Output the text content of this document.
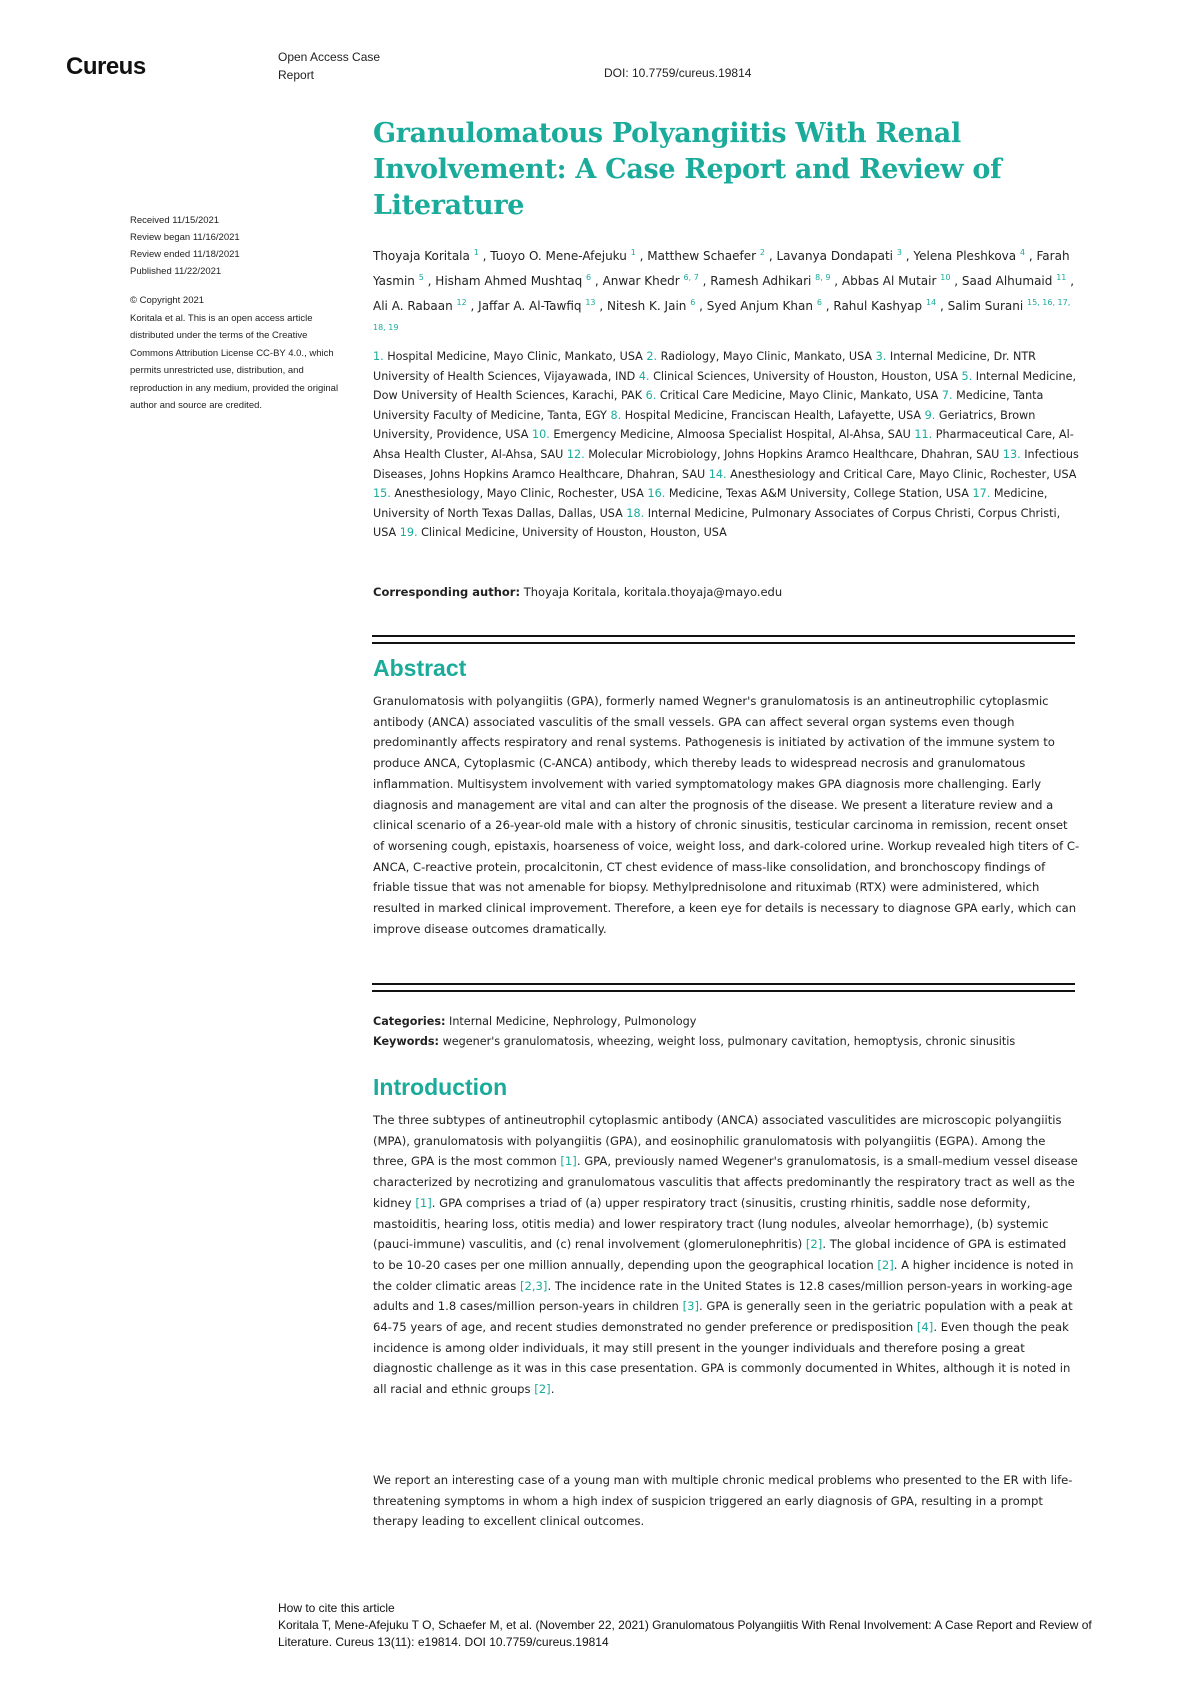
Cureus	Open Access Case
Report	DOI: 10.7759/cureus.19814
Received 11/15/2021
Review began 11/16/2021
Review ended 11/18/2021
Published 11/22/2021
© Copyright 2021
Koritala et al. This is an open access article distributed under the terms of the Creative Commons Attribution License CC-BY 4.0., which permits unrestricted use, distribution, and reproduction in any medium, provided the original author and source are credited.
Granulomatous Polyangiitis With Renal Involvement: A Case Report and Review of Literature
Thoyaja Koritala $^1$ , Tuoyo O. Mene-Afejuku $^1$ , Matthew Schaefer $^2$ , Lavanya Dondapati $^3$ , Yelena Pleshkova $^4$ , Farah Yasmin $^5$ , Hisham Ahmed Mushtaq $^6$ , Anwar Khedr $^{6, 7}$ , Ramesh Adhikari $^{8, 9}$ , Abbas Al Mutair $^{10}$ , Saad Alhumaid $^{11}$ , Ali A. Rabaan $^{12}$ , Jaffar A. Al-Tawfiq $^{13}$ , Nitesh K. Jain $^6$ , Syed Anjum Khan $^6$ , Rahul Kashyap $^{14}$ , Salim Surani $^{15, 16, 17, 18, 19}$
1. Hospital Medicine, Mayo Clinic, Mankato, USA 2. Radiology, Mayo Clinic, Mankato, USA 3. Internal Medicine, Dr. NTR University of Health Sciences, Vijayawada, IND 4. Clinical Sciences, University of Houston, Houston, USA 5. Internal Medicine, Dow University of Health Sciences, Karachi, PAK 6. Critical Care Medicine, Mayo Clinic, Mankato, USA 7. Medicine, Tanta University Faculty of Medicine, Tanta, EGY 8. Hospital Medicine, Franciscan Health, Lafayette, USA 9. Geriatrics, Brown University, Providence, USA 10. Emergency Medicine, Almoosa Specialist Hospital, Al-Ahsa, SAU 11. Pharmaceutical Care, Al-Ahsa Health Cluster, Al-Ahsa, SAU 12. Molecular Microbiology, Johns Hopkins Aramco Healthcare, Dhahran, SAU 13. Infectious Diseases, Johns Hopkins Aramco Healthcare, Dhahran, SAU 14. Anesthesiology and Critical Care, Mayo Clinic, Rochester, USA 15. Anesthesiology, Mayo Clinic, Rochester, USA 16. Medicine, Texas A&M University, College Station, USA 17. Medicine, University of North Texas Dallas, Dallas, USA 18. Internal Medicine, Pulmonary Associates of Corpus Christi, Corpus Christi, USA 19. Clinical Medicine, University of Houston, Houston, USA
Corresponding author: Thoyaja Koritala, koritala.thoyaja@mayo.edu
Abstract
Granulomatosis with polyangiitis (GPA), formerly named Wegner's granulomatosis is an antineutrophilic cytoplasmic antibody (ANCA) associated vasculitis of the small vessels. GPA can affect several organ systems even though predominantly affects respiratory and renal systems. Pathogenesis is initiated by activation of the immune system to produce ANCA, Cytoplasmic (C-ANCA) antibody, which thereby leads to widespread necrosis and granulomatous inflammation. Multisystem involvement with varied symptomatology makes GPA diagnosis more challenging. Early diagnosis and management are vital and can alter the prognosis of the disease. We present a literature review and a clinical scenario of a 26-year-old male with a history of chronic sinusitis, testicular carcinoma in remission, recent onset of worsening cough, epistaxis, hoarseness of voice, weight loss, and dark-colored urine. Workup revealed high titers of C-ANCA, C-reactive protein, procalcitonin, CT chest evidence of mass-like consolidation, and bronchoscopy findings of friable tissue that was not amenable for biopsy. Methylprednisolone and rituximab (RTX) were administered, which resulted in marked clinical improvement. Therefore, a keen eye for details is necessary to diagnose GPA early, which can improve disease outcomes dramatically.
Categories: Internal Medicine, Nephrology, Pulmonology
Keywords: wegener's granulomatosis, wheezing, weight loss, pulmonary cavitation, hemoptysis, chronic sinusitis
Introduction
The three subtypes of antineutrophil cytoplasmic antibody (ANCA) associated vasculitides are microscopic polyangiitis (MPA), granulomatosis with polyangiitis (GPA), and eosinophilic granulomatosis with polyangiitis (EGPA). Among the three, GPA is the most common [1]. GPA, previously named Wegener's granulomatosis, is a small-medium vessel disease characterized by necrotizing and granulomatous vasculitis that affects predominantly the respiratory tract as well as the kidney [1]. GPA comprises a triad of (a) upper respiratory tract (sinusitis, crusting rhinitis, saddle nose deformity, mastoiditis, hearing loss, otitis media) and lower respiratory tract (lung nodules, alveolar hemorrhage), (b) systemic (pauci-immune) vasculitis, and (c) renal involvement (glomerulonephritis) [2]. The global incidence of GPA is estimated to be 10-20 cases per one million annually, depending upon the geographical location [2]. A higher incidence is noted in the colder climatic areas [2,3]. The incidence rate in the United States is 12.8 cases/million person-years in working-age adults and 1.8 cases/million person-years in children [3]. GPA is generally seen in the geriatric population with a peak at 64-75 years of age, and recent studies demonstrated no gender preference or predisposition [4]. Even though the peak incidence is among older individuals, it may still present in the younger individuals and therefore posing a great diagnostic challenge as it was in this case presentation. GPA is commonly documented in Whites, although it is noted in all racial and ethnic groups [2].
We report an interesting case of a young man with multiple chronic medical problems who presented to the ER with life-threatening symptoms in whom a high index of suspicion triggered an early diagnosis of GPA, resulting in a prompt therapy leading to excellent clinical outcomes.
How to cite this article
Koritala T, Mene-Afejuku T O, Schaefer M, et al. (November 22, 2021) Granulomatous Polyangiitis With Renal Involvement: A Case Report and Review of Literature. Cureus 13(11): e19814. DOI 10.7759/cureus.19814
